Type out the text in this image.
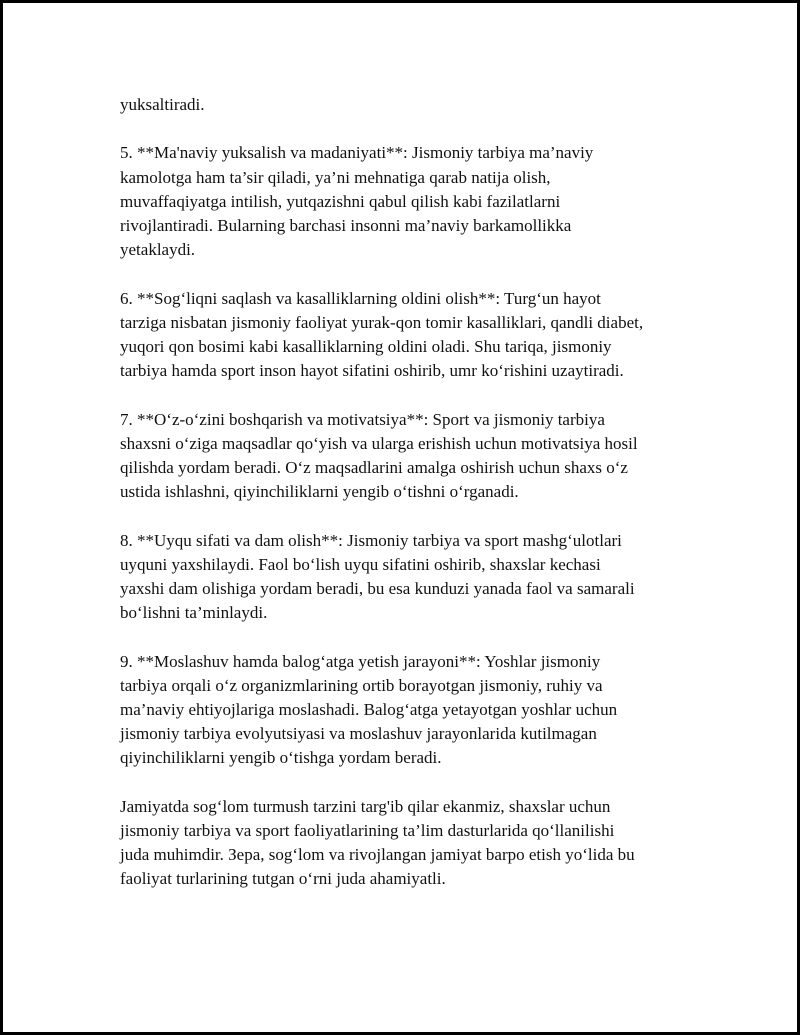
yuksaltiradi.

5. **Ma'naviy yuksalish va madaniyati**: Jismoniy tarbiya ma’naviy
kamolotga ham ta’sir qiladi, ya’ni mehnatiga qarab natija olish,
muvaffaqiyatga intilish, yutqazishni qabul qilish kabi fazilatlarni
rivojlantiradi. Bularning barchasi insonni ma’naviy barkamollikka
yetaklaydi.

6. **Sog‘liqni saqlash va kasalliklarning oldini olish**: Turg‘un hayot
tarziga nisbatan jismoniy faoliyat yurak-qon tomir kasalliklari, qandli diabet,
yuqori qon bosimi kabi kasalliklarning oldini oladi. Shu tariqa, jismoniy
tarbiya hamda sport inson hayot sifatini oshirib, umr ko‘rishini uzaytiradi.

7. **O‘z-o‘zini boshqarish va motivatsiya**: Sport va jismoniy tarbiya
shaxsni o‘ziga maqsadlar qo‘yish va ularga erishish uchun motivatsiya hosil
qilishda yordam beradi. O‘z maqsadlarini amalga oshirish uchun shaxs o‘z
ustida ishlashni, qiyinchiliklarni yengib o‘tishni o‘rganadi.

8. **Uyqu sifati va dam olish**: Jismoniy tarbiya va sport mashg‘ulotlari
uyquni yaxshilaydi. Faol bo‘lish uyqu sifatini oshirib, shaxslar kechasi
yaxshi dam olishiga yordam beradi, bu esa kunduzi yanada faol va samarali
bo‘lishni ta’minlaydi.

9. **Moslashuv hamda balog‘atga yetish jarayoni**: Yoshlar jismoniy
tarbiya orqali o‘z organizmlarining ortib borayotgan jismoniy, ruhiy va
ma’naviy ehtiyojlariga moslashadi. Balog‘atga yetayotgan yoshlar uchun
jismoniy tarbiya evolyutsiyasi va moslashuv jarayonlarida kutilmagan
qiyinchiliklarni yengib o‘tishga yordam beradi.

Jamiyatda sog‘lom turmush tarzini targ'ib qilar ekanmiz, shaxslar uchun
jismoniy tarbiya va sport faoliyatlarining ta’lim dasturlarida qo‘llanilishi
juda muhimdir. Зера, sog‘lom va rivojlangan jamiyat barpo etish yo‘lida bu
faoliyat turlarining tutgan o‘rni juda ahamiyatli.
